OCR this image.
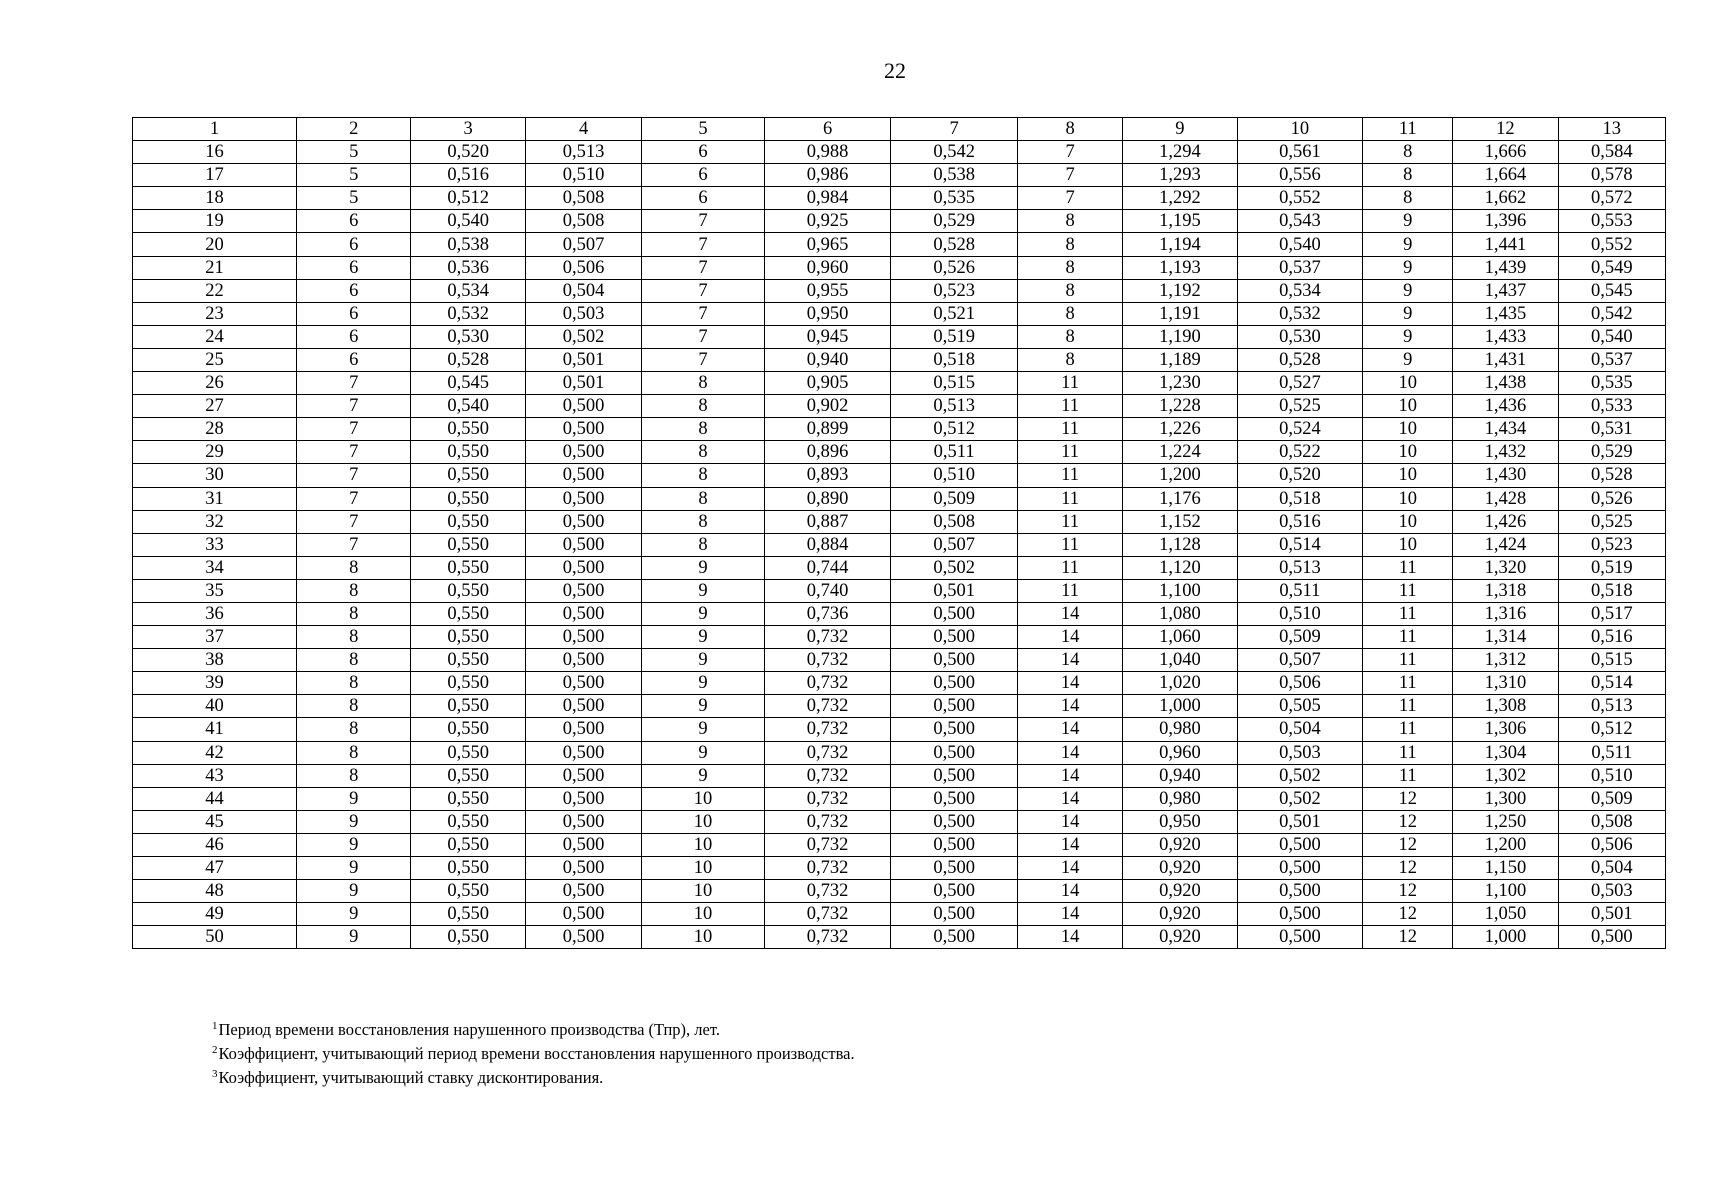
22
1	2	3	4	5	6	7	8	9	10	11	12	13
16	5	0,520	0,513	6	0,988	0,542	7	1,294	0,561	8	1,666	0,584
17	5	0,516	0,510	6	0,986	0,538	7	1,293	0,556	8	1,664	0,578
18	5	0,512	0,508	6	0,984	0,535	7	1,292	0,552	8	1,662	0,572
19	6	0,540	0,508	7	0,925	0,529	8	1,195	0,543	9	1,396	0,553
20	6	0,538	0,507	7	0,965	0,528	8	1,194	0,540	9	1,441	0,552
21	6	0,536	0,506	7	0,960	0,526	8	1,193	0,537	9	1,439	0,549
22	6	0,534	0,504	7	0,955	0,523	8	1,192	0,534	9	1,437	0,545
23	6	0,532	0,503	7	0,950	0,521	8	1,191	0,532	9	1,435	0,542
24	6	0,530	0,502	7	0,945	0,519	8	1,190	0,530	9	1,433	0,540
25	6	0,528	0,501	7	0,940	0,518	8	1,189	0,528	9	1,431	0,537
26	7	0,545	0,501	8	0,905	0,515	11	1,230	0,527	10	1,438	0,535
27	7	0,540	0,500	8	0,902	0,513	11	1,228	0,525	10	1,436	0,533
28	7	0,550	0,500	8	0,899	0,512	11	1,226	0,524	10	1,434	0,531
29	7	0,550	0,500	8	0,896	0,511	11	1,224	0,522	10	1,432	0,529
30	7	0,550	0,500	8	0,893	0,510	11	1,200	0,520	10	1,430	0,528
31	7	0,550	0,500	8	0,890	0,509	11	1,176	0,518	10	1,428	0,526
32	7	0,550	0,500	8	0,887	0,508	11	1,152	0,516	10	1,426	0,525
33	7	0,550	0,500	8	0,884	0,507	11	1,128	0,514	10	1,424	0,523
34	8	0,550	0,500	9	0,744	0,502	11	1,120	0,513	11	1,320	0,519
35	8	0,550	0,500	9	0,740	0,501	11	1,100	0,511	11	1,318	0,518
36	8	0,550	0,500	9	0,736	0,500	14	1,080	0,510	11	1,316	0,517
37	8	0,550	0,500	9	0,732	0,500	14	1,060	0,509	11	1,314	0,516
38	8	0,550	0,500	9	0,732	0,500	14	1,040	0,507	11	1,312	0,515
39	8	0,550	0,500	9	0,732	0,500	14	1,020	0,506	11	1,310	0,514
40	8	0,550	0,500	9	0,732	0,500	14	1,000	0,505	11	1,308	0,513
41	8	0,550	0,500	9	0,732	0,500	14	0,980	0,504	11	1,306	0,512
42	8	0,550	0,500	9	0,732	0,500	14	0,960	0,503	11	1,304	0,511
43	8	0,550	0,500	9	0,732	0,500	14	0,940	0,502	11	1,302	0,510
44	9	0,550	0,500	10	0,732	0,500	14	0,980	0,502	12	1,300	0,509
45	9	0,550	0,500	10	0,732	0,500	14	0,950	0,501	12	1,250	0,508
46	9	0,550	0,500	10	0,732	0,500	14	0,920	0,500	12	1,200	0,506
47	9	0,550	0,500	10	0,732	0,500	14	0,920	0,500	12	1,150	0,504
48	9	0,550	0,500	10	0,732	0,500	14	0,920	0,500	12	1,100	0,503
49	9	0,550	0,500	10	0,732	0,500	14	0,920	0,500	12	1,050	0,501
50	9	0,550	0,500	10	0,732	0,500	14	0,920	0,500	12	1,000	0,500
$^1$Период времени восстановления нарушенного производства (Тпр), лет.
$^2$Коэффициент, учитывающий период времени восстановления нарушенного производства.
$^3$Коэффициент, учитывающий ставку дисконтирования.
